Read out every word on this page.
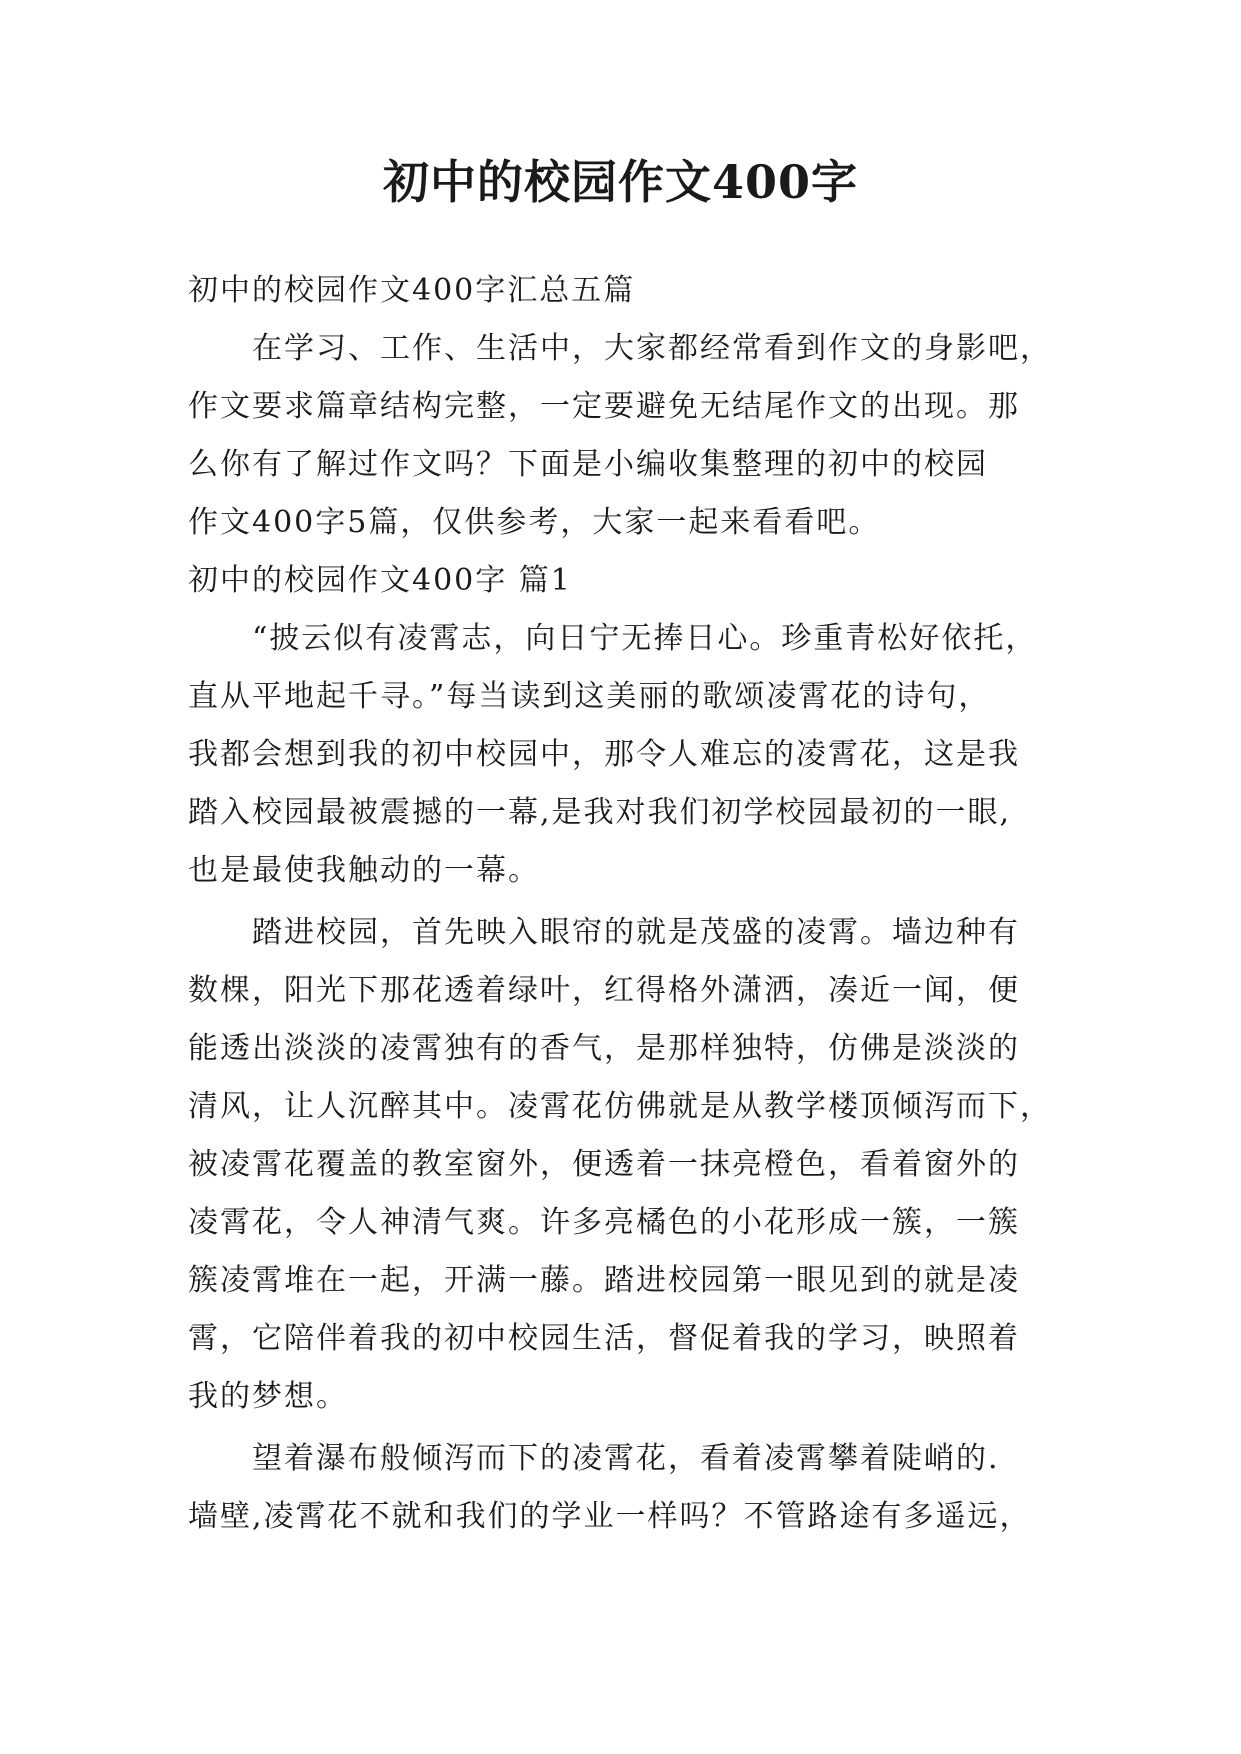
初中的校园作文400字
初中的校园作文400字汇总五篇
在学习、工作、生活中，大家都经常看到作文的身影吧，
作文要求篇章结构完整，一定要避免无结尾作文的出现。那
么你有了解过作文吗？下面是小编收集整理的初中的校园
作文400字5篇，仅供参考，大家一起来看看吧。
初中的校园作文400字 篇1
“披云似有凌霄志，向日宁无捧日心。珍重青松好依托，
直从平地起千寻。”每当读到这美丽的歌颂凌霄花的诗句，
我都会想到我的初中校园中，那令人难忘的凌霄花，这是我
踏入校园最被震撼的一幕,是我对我们初学校园最初的一眼,
也是最使我触动的一幕。
踏进校园，首先映入眼帘的就是茂盛的凌霄。墙边种有
数棵，阳光下那花透着绿叶，红得格外潇洒，凑近一闻，便
能透出淡淡的凌霄独有的香气，是那样独特，仿佛是淡淡的
清风，让人沉醉其中。凌霄花仿佛就是从教学楼顶倾泻而下，
被凌霄花覆盖的教室窗外，便透着一抹亮橙色，看着窗外的
凌霄花，令人神清气爽。许多亮橘色的小花形成一簇，一簇
簇凌霄堆在一起，开满一藤。踏进校园第一眼见到的就是凌
霄，它陪伴着我的初中校园生活，督促着我的学习，映照着
我的梦想。
望着瀑布般倾泻而下的凌霄花，看着凌霄攀着陡峭的.
墙壁,凌霄花不就和我们的学业一样吗？不管路途有多遥远，
